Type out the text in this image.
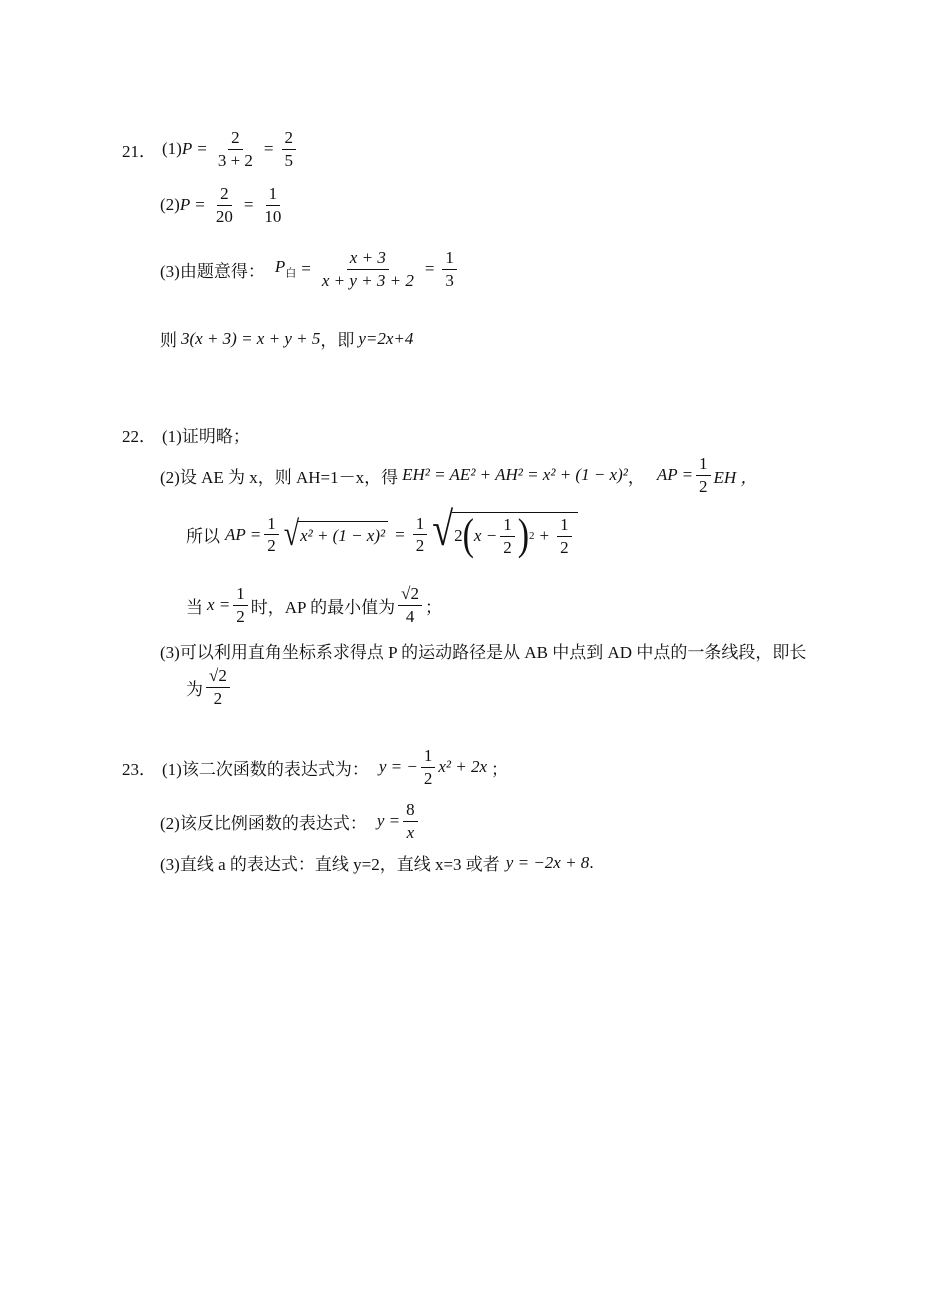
21． (1) $P = \frac{2}{3 + 2} = \frac{2}{5}$
(2) $P = \frac{2}{20} = \frac{1}{10}$
(3)由题意得： $P_白 = \frac{x + 3}{x + y + 3 + 2} = \frac{1}{3}$
则 3(x + 3) = x + y + 5 ，即 y=2x+4
22． (1)证明略；
(2)设 AE 为 x，则 AH=1－x，得 EH² = AE² + AH² = x² + (1 − x)² ， AP = $\frac{1}{2}$ EH ，
所以 AP = $\frac{1}{2}$ √ $x^2 + (1 - x)^2 = \frac{1}{2}$ √ 2 ( $x - \frac{1}{2}$ ) $2 + \frac{1}{2}$
当 $x = \frac{1}{2}$ 时，AP 的最小值为 $\frac{√2}{4}$ ；
(3)可以利用直角坐标系求得点 P 的运动路径是从 AB 中点到 AD 中点的一条线段，即长
为 $\frac{√2}{2}$
23． (1)该二次函数的表达式为： y = − $\frac{1}{2} x^2 + 2x$ ；
(2)该反比例函数的表达式： $y = \frac{8}{x}$
(3)直线 a 的表达式：直线 y=2，直线 x=3 或者 y = −2x + 8 .
